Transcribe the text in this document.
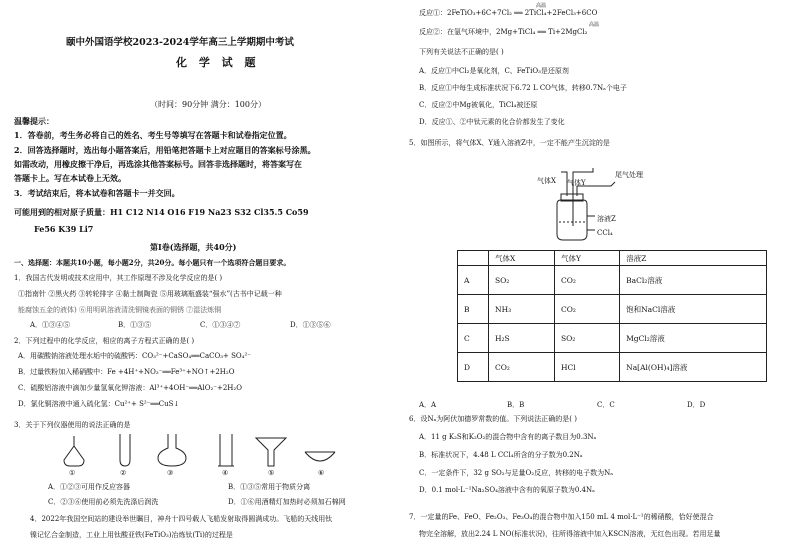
颐中外国语学校2023-2024学年高三上学期期中考试
化 学 试 题
（时间：90分钟 满分：100分）
温馨提示：
1．答卷前，考生务必将自己的姓名、考生号等填写在答题卡和试卷指定位置。
2．回答选择题时，选出每小题答案后，用铅笔把答题卡上对应题目的答案标号涂黑。
如需改动，用橡皮擦干净后，再选涂其他答案标号。回答非选择题时，将答案写在
答题卡上。写在本试卷上无效。
3．考试结束后，将本试卷和答题卡一并交回。
可能用到的相对原子质量：H1 C12 N14 O16 F19 Na23 S32 Cl35.5 Co59
Fe56 K39 Li7
第Ⅰ卷(选择题，共40分)
一、选择题：本题共10小题，每小题2分，共20分。每小题只有一个选项符合题目要求。
1．我国古代发明或技术应用中，其工作原理不涉及化学反应的是( )
①指南针 ②黑火药 ③转轮排字 ④黏土制陶瓷 ⑤用玻璃瓶盛装“强水”(古书中记载一种
能腐蚀五金的液体) ⑥用明矾溶液清洗铜镜表面的铜锈 ⑦湿法炼铜
A．①③④⑤	B．①③⑤	C．①③④⑦	D．①③⑤⑥
2．下列过程中的化学反应，相应的离子方程式正确的是( )
A．用碳酸钠溶液处理水垢中的硫酸钙：CO₃²⁻+CaSO₄══CaCO₃+ SO₄²⁻
B．过量铁粉加入稀硝酸中：Fe +4H⁺+NO₃⁻══Fe³⁺+NO↑+2H₂O
C．硫酸铝溶液中滴加少量氢氧化钾溶液：Al³⁺+4OH⁻══AlO₂⁻+2H₂O
D．氯化铜溶液中通入硫化氢：Cu²⁺+ S²⁻══CuS↓
3．关于下列仪器使用的说法正确的是
①	②	③	④	⑤	⑥
A．①②③可用作反应容器	B．①③⑤常用于物质分离
C．②③⑥使用前必须先洗涤后润洗	D．①⑥用酒精灯加热时必须加石棉网
4．2022年我国空间站的建设举世瞩目，神舟十四号载人飞船发射取得圆满成功。飞船的天线用钛
镍记忆合金制造，工业上用钛酸亚铁(FeTiO₃)冶炼钛(Ti)的过程是
反应①：2FeTiO₃+6C+7Cl₂ ══ 2TiCl₄+2FeCl₃+6CO
高温
反应②：在氩气环境中，2Mg+TiCl₄ ══ Ti+2MgCl₂
高温
下列有关说法不正确的是( )
A．反应①中Cl₂是氧化剂，C、FeTiO₃是还原剂
B．反应①中每生成标准状况下6.72 L CO气体，转移0.7Nₐ个电子
C．反应②中Mg被氧化，TiCl₄被还原
D．反应①、②中钛元素的化合价都发生了变化
5．如图所示，将气体X、Y通入溶液Z中，一定不能产生沉淀的是
气体X 气体Y
尾气处理
溶液Z
CCl₄
	气体X	气体Y	溶液Z
A	SO₂	CO₂	BaCl₂溶液
B	NH₃	CO₂	饱和NaCl溶液
C	H₂S	SO₂	MgCl₂溶液
D	CO₂	HCl	Na[Al(OH)₄]溶液
A．A	B．B	C．C	D．D
6．设Nₐ为阿伏加德罗常数的值。下列说法正确的是( )
A．11 g K₂S和K₂O₂的混合物中含有的离子数目为0.3Nₐ
B．标准状况下，4.48 L CCl₄所含的分子数为0.2Nₐ
C．一定条件下，32 g SO₂与足量O₂反应，转移的电子数为Nₐ
D．0.1 mol·L⁻¹Na₂SO₄溶液中含有的氧原子数为0.4Nₐ
7．一定量的Fe、FeO、Fe₂O₃、Fe₃O₄的混合物中加入150 mL 4 mol·L⁻¹的稀硝酸，恰好使混合
物完全溶解，放出2.24 L NO(标准状况)，往所得溶液中加入KSCN溶液，无红色出现。若用足量
